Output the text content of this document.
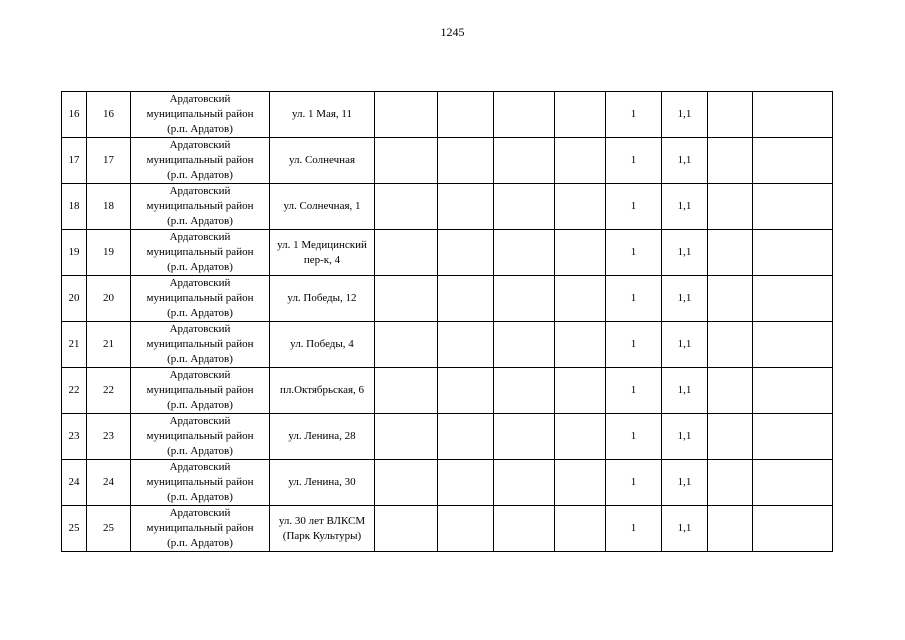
1245
16	16	Ардатовский
муниципальный район
(р.п. Ардатов)	ул. 1 Мая, 11					1	1,1		
17	17	Ардатовский
муниципальный район
(р.п. Ардатов)	ул. Солнечная					1	1,1		
18	18	Ардатовский
муниципальный район
(р.п. Ардатов)	ул. Солнечная, 1					1	1,1		
19	19	Ардатовский
муниципальный район
(р.п. Ардатов)	ул. 1 Медицинский
пер-к, 4					1	1,1		
20	20	Ардатовский
муниципальный район
(р.п. Ардатов)	ул. Победы, 12					1	1,1		
21	21	Ардатовский
муниципальный район
(р.п. Ардатов)	ул. Победы, 4					1	1,1		
22	22	Ардатовский
муниципальный район
(р.п. Ардатов)	пл.Октябрьская, 6					1	1,1		
23	23	Ардатовский
муниципальный район
(р.п. Ардатов)	ул. Ленина, 28					1	1,1		
24	24	Ардатовский
муниципальный район
(р.п. Ардатов)	ул. Ленина, 30					1	1,1		
25	25	Ардатовский
муниципальный район
(р.п. Ардатов)	ул. 30 лет ВЛКСМ
(Парк Культуры)					1	1,1		
